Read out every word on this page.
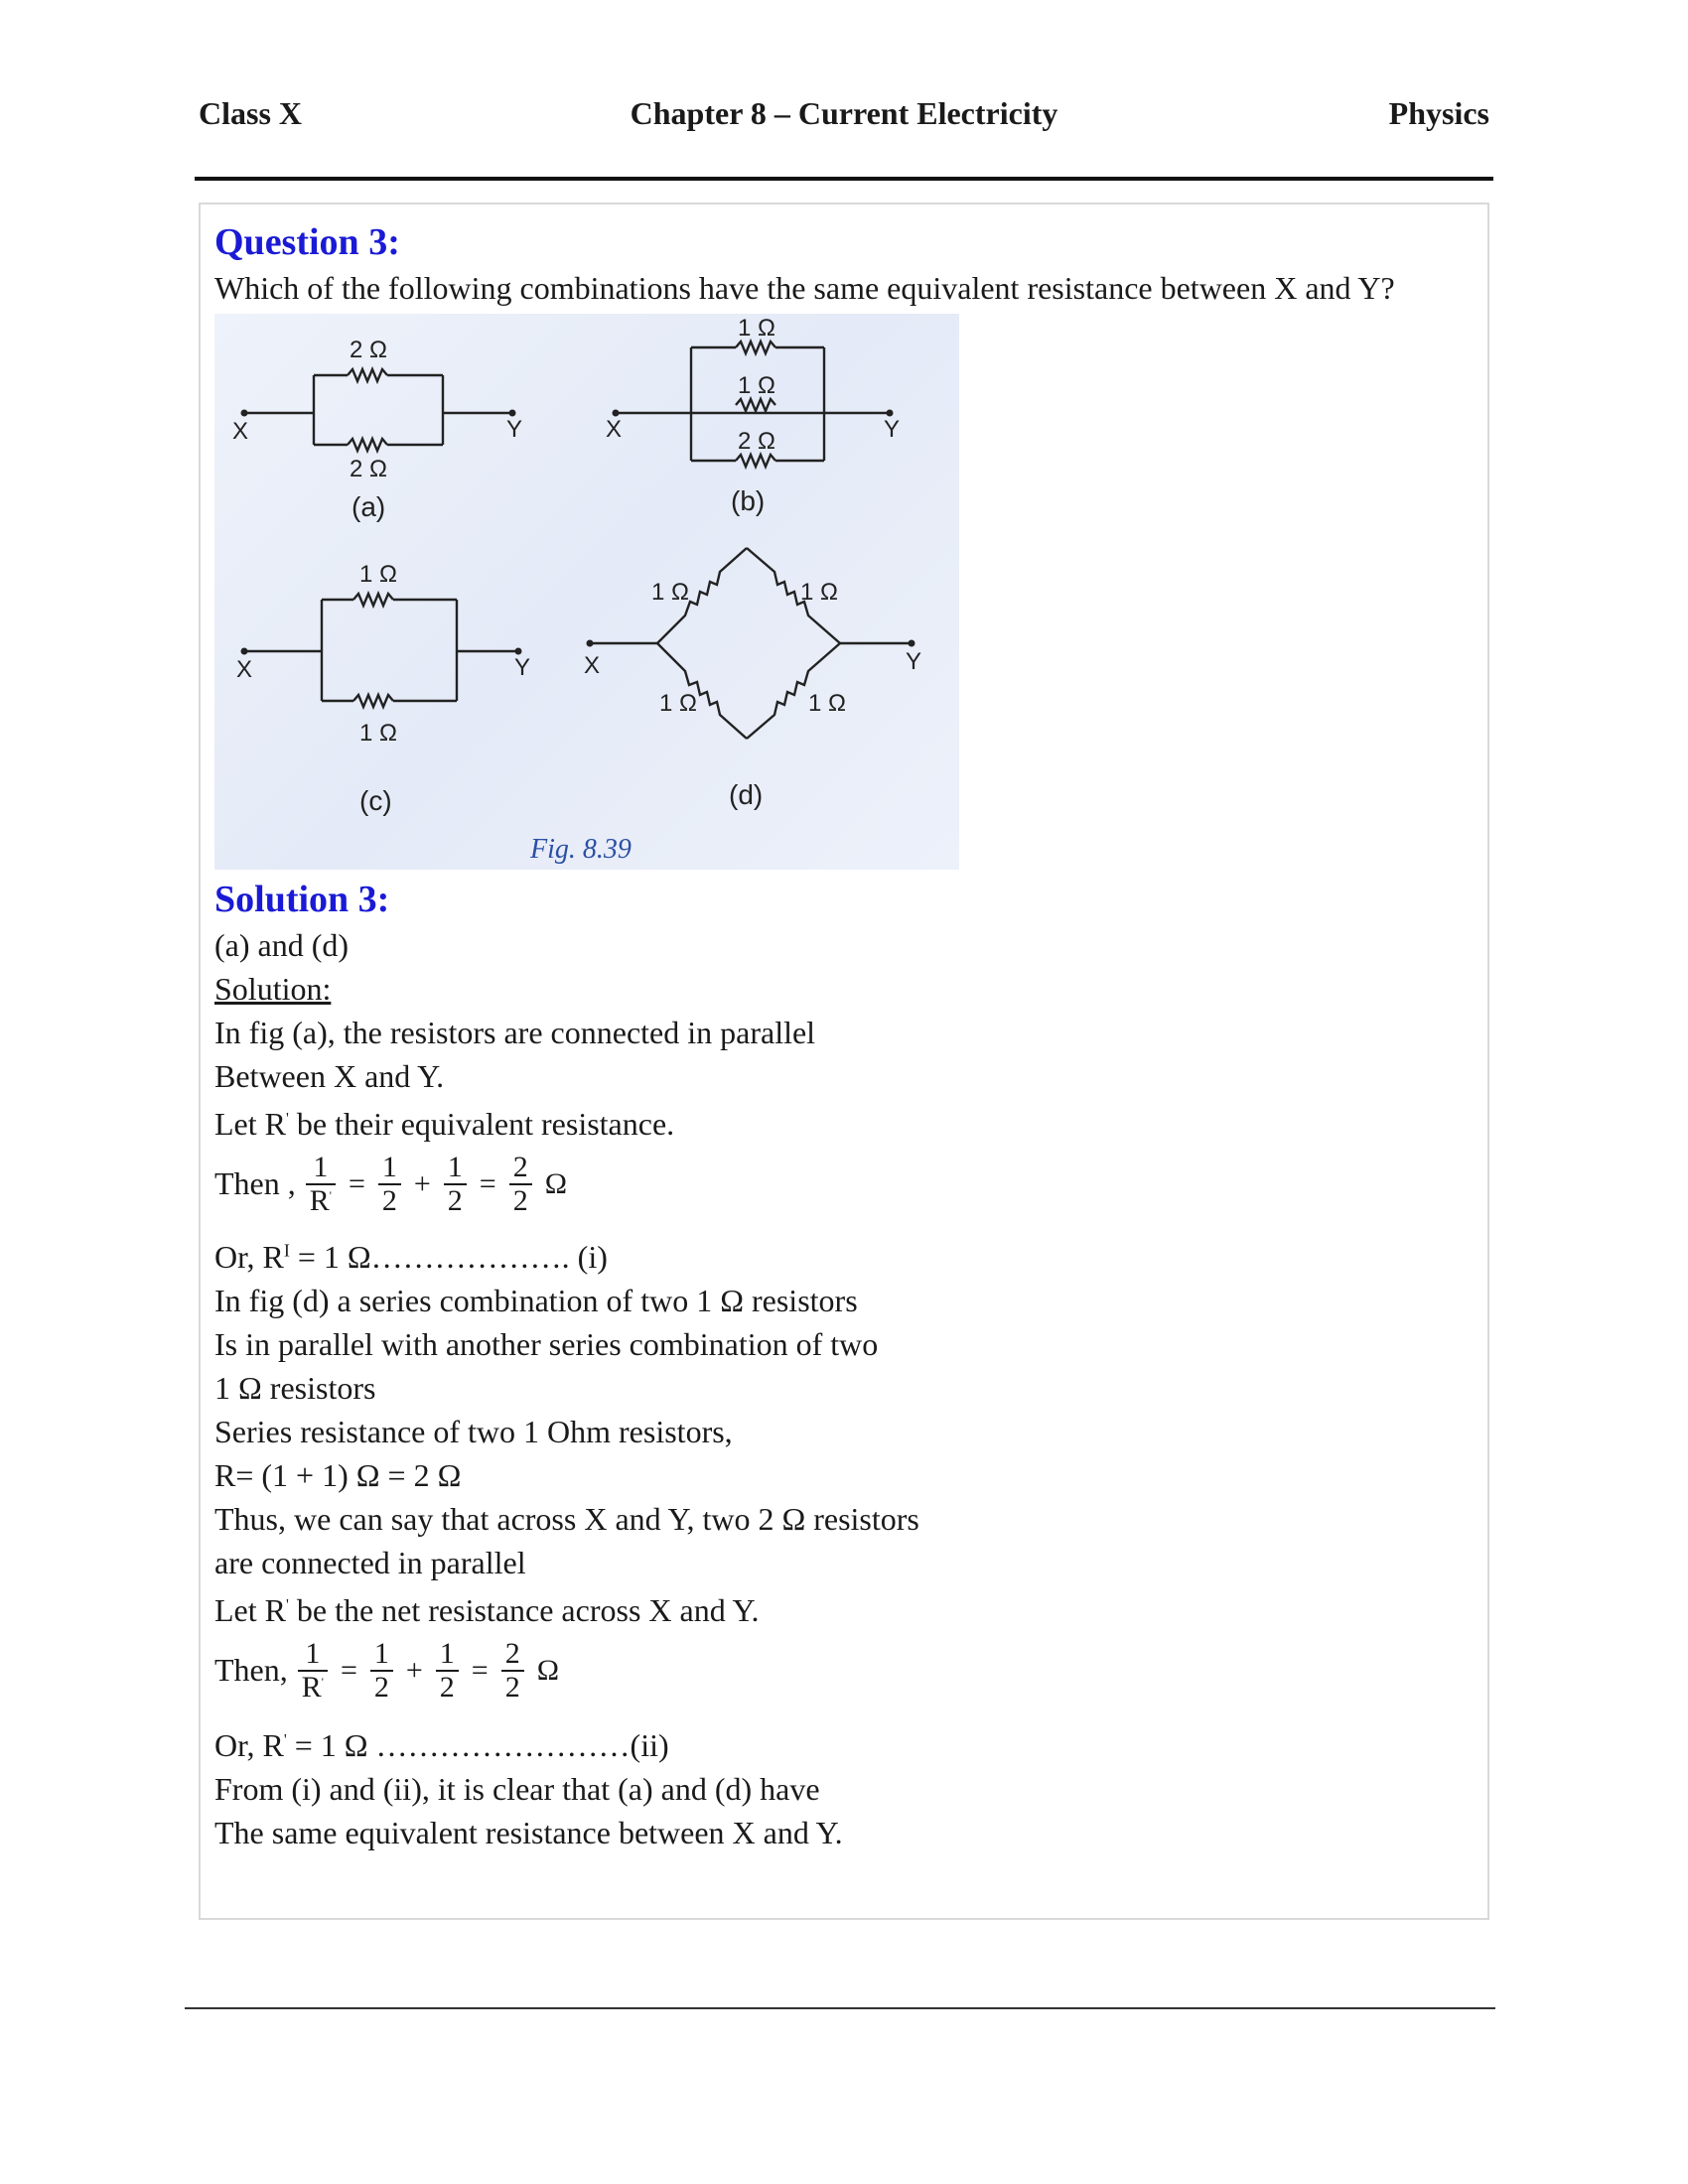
Class X	Chapter 8 – Current Electricity	Physics
Question 3:
Which of the following combinations have the same equivalent resistance between X and Y?
2 Ω
2 Ω
X	Y
(a)
1 Ω
1 Ω
2 Ω
X	Y
(b)
1 Ω
1 Ω
X	Y
(c)
1 Ω	1 Ω
1 Ω	1 Ω
X	Y
(d)
Fig. 8.39
Solution 3:
(a) and (d)
Solution:
In fig (a), the resistors are connected in parallel
Between X and Y.
Let R' be their equivalent resistance.
Then , $\frac{1}{R'} = \frac{1}{2} + \frac{1}{2} = \frac{2}{2}$ Ω
Or, $R^I = 1$ Ω………………. (i)
In fig (d) a series combination of two 1 Ω resistors
Is in parallel with another series combination of two
1 Ω resistors
Series resistance of two 1 Ohm resistors,
R= (1 + 1) Ω = 2 Ω
Thus, we can say that across X and Y, two 2 Ω resistors
are connected in parallel
Let R' be the net resistance across X and Y.
Then, $\frac{1}{R'} = \frac{1}{2} + \frac{1}{2} = \frac{2}{2}$ Ω
Or, R' = 1 Ω ……………………(ii)
From (i) and (ii), it is clear that (a) and (d) have
The same equivalent resistance between X and Y.
